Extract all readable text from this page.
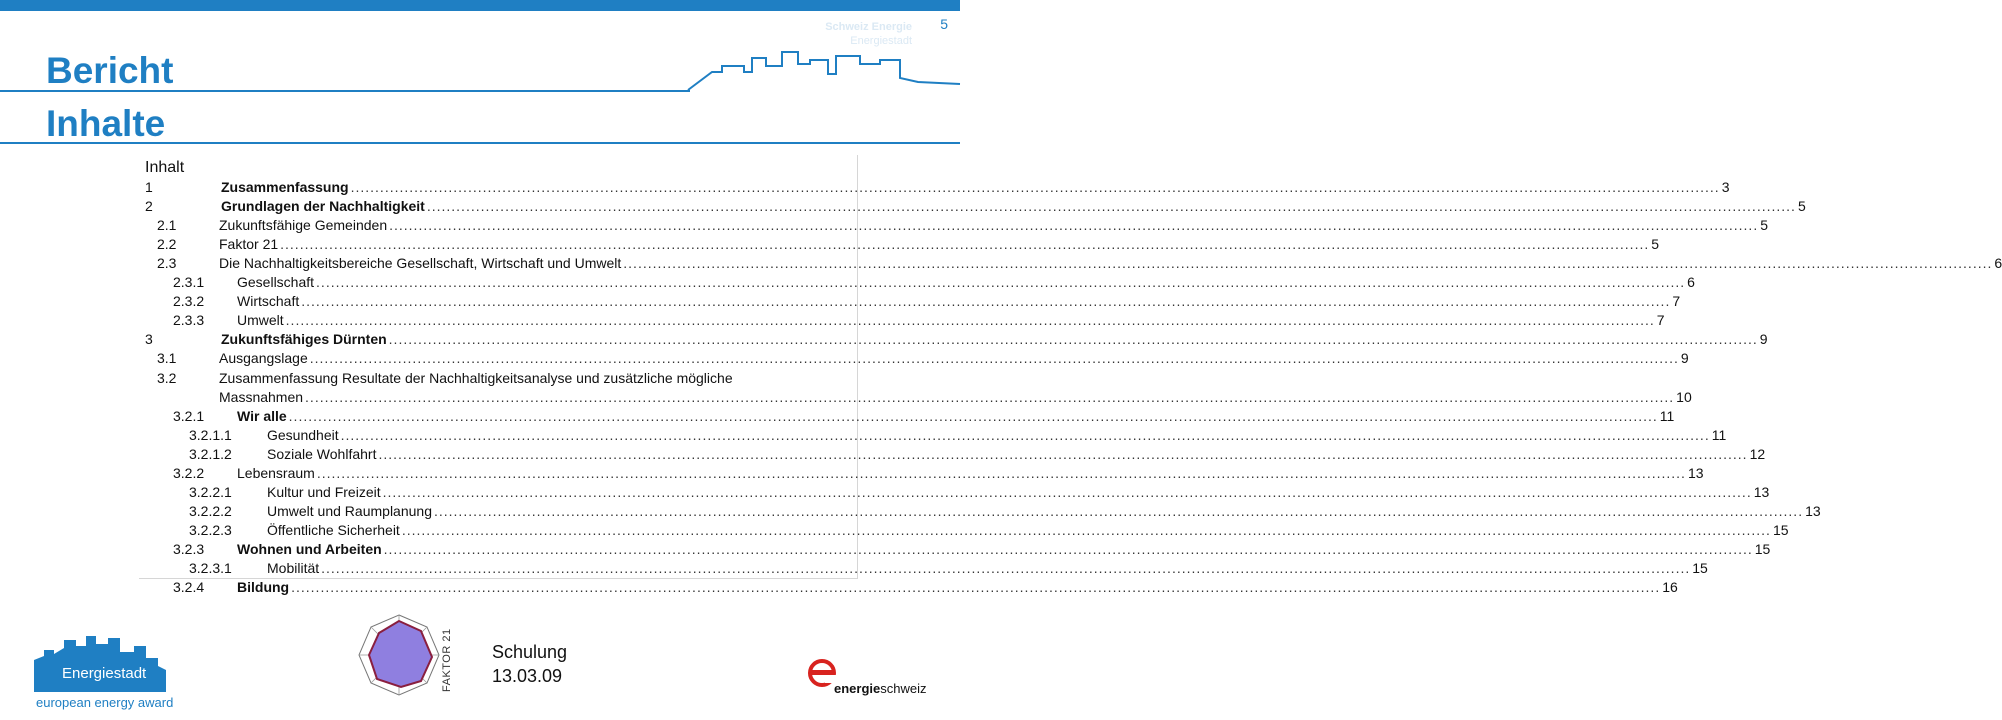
5
Schweiz Energie
Energiestadt
Bericht
Inhalte
Inhalt
1	Zusammenfassung .....	3
2	Grundlagen der Nachhaltigkeit .....	5
2.1	Zukunftsfähige Gemeinden .....	5
2.2	Faktor 21 .....	5
2.3	Die Nachhaltigkeitsbereiche Gesellschaft, Wirtschaft und Umwelt .....	6
2.3.1 Gesellschaft .....	6
2.3.2 Wirtschaft .....	7
2.3.3 Umwelt .....	7
3	Zukunftsfähiges Dürnten .....	9
3.1	Ausgangslage .....	9
3.2	Zusammenfassung Resultate der Nachhaltigkeitsanalyse und zusätzliche mögliche
Massnahmen .....	10
3.2.1 Wir alle .....	11
3.2.1.1	Gesundheit .....	11
3.2.1.2	Soziale Wohlfahrt .....	12
3.2.2 Lebensraum .....	13
3.2.2.1	Kultur und Freizeit .....	13
3.2.2.2	Umwelt und Raumplanung .....	13
3.2.2.3	Öffentliche Sicherheit .....	15
3.2.3 Wohnen und Arbeiten .....	15
3.2.3.1	Mobilität .....	15
3.2.4 Bildung .....	16
Energiestadt
european energy award
FAKTOR 21 Schulung
13.03.09
energieschweiz
